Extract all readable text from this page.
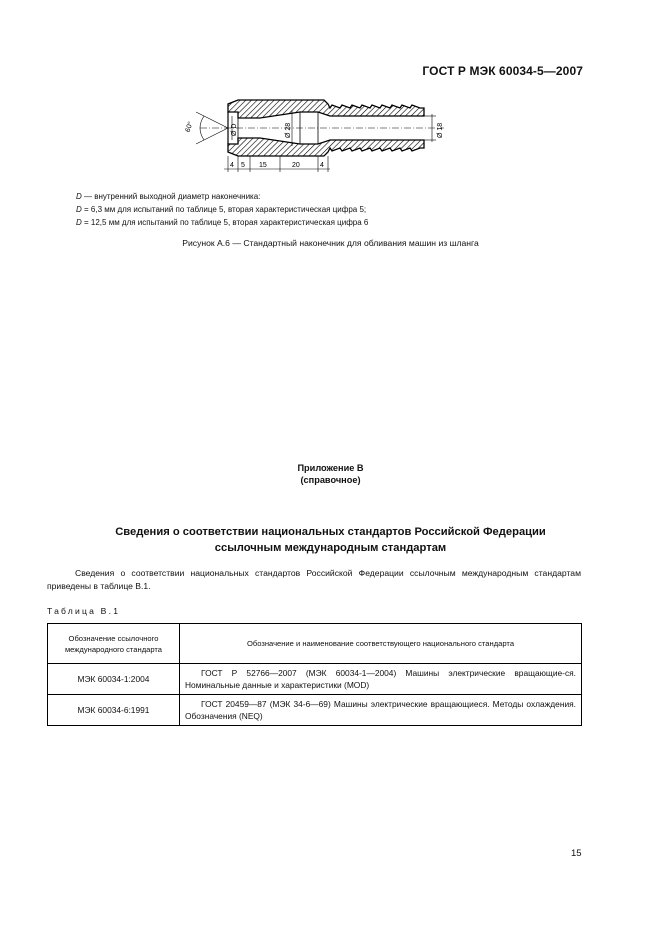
ГОСТ Р МЭК 60034-5—2007
60°	Ø D	Ø 28	Ø 18
4 5 15	20	4
D — внутренний выходной диаметр наконечника:
D = 6,3 мм для испытаний по таблице 5, вторая характеристическая цифра 5;
D = 12,5 мм для испытаний по таблице 5, вторая характеристическая цифра 6
Рисунок А.6 — Стандартный наконечник для обливания машин из шланга
Приложение В
(справочное)
Сведения о соответствии национальных стандартов Российской Федерации
ссылочным международным стандартам
Сведения о соответствии национальных стандартов Российской Федерации ссылочным международным стандартам приведены в таблице В.1.
Таблица В.1
Обозначение ссылочного международного стандарта	Обозначение и наименование соответствующего национального стандарта
МЭК 60034-1:2004	ГОСТ Р 52766—2007 (МЭК 60034-1—2004) Машины электрические вращающие-ся. Номинальные данные и характеристики (MOD)
МЭК 60034-6:1991	ГОСТ 20459—87 (МЭК 34-6—69) Машины электрические вращающиеся. Методы охлаждения. Обозначения (NEQ)
15
